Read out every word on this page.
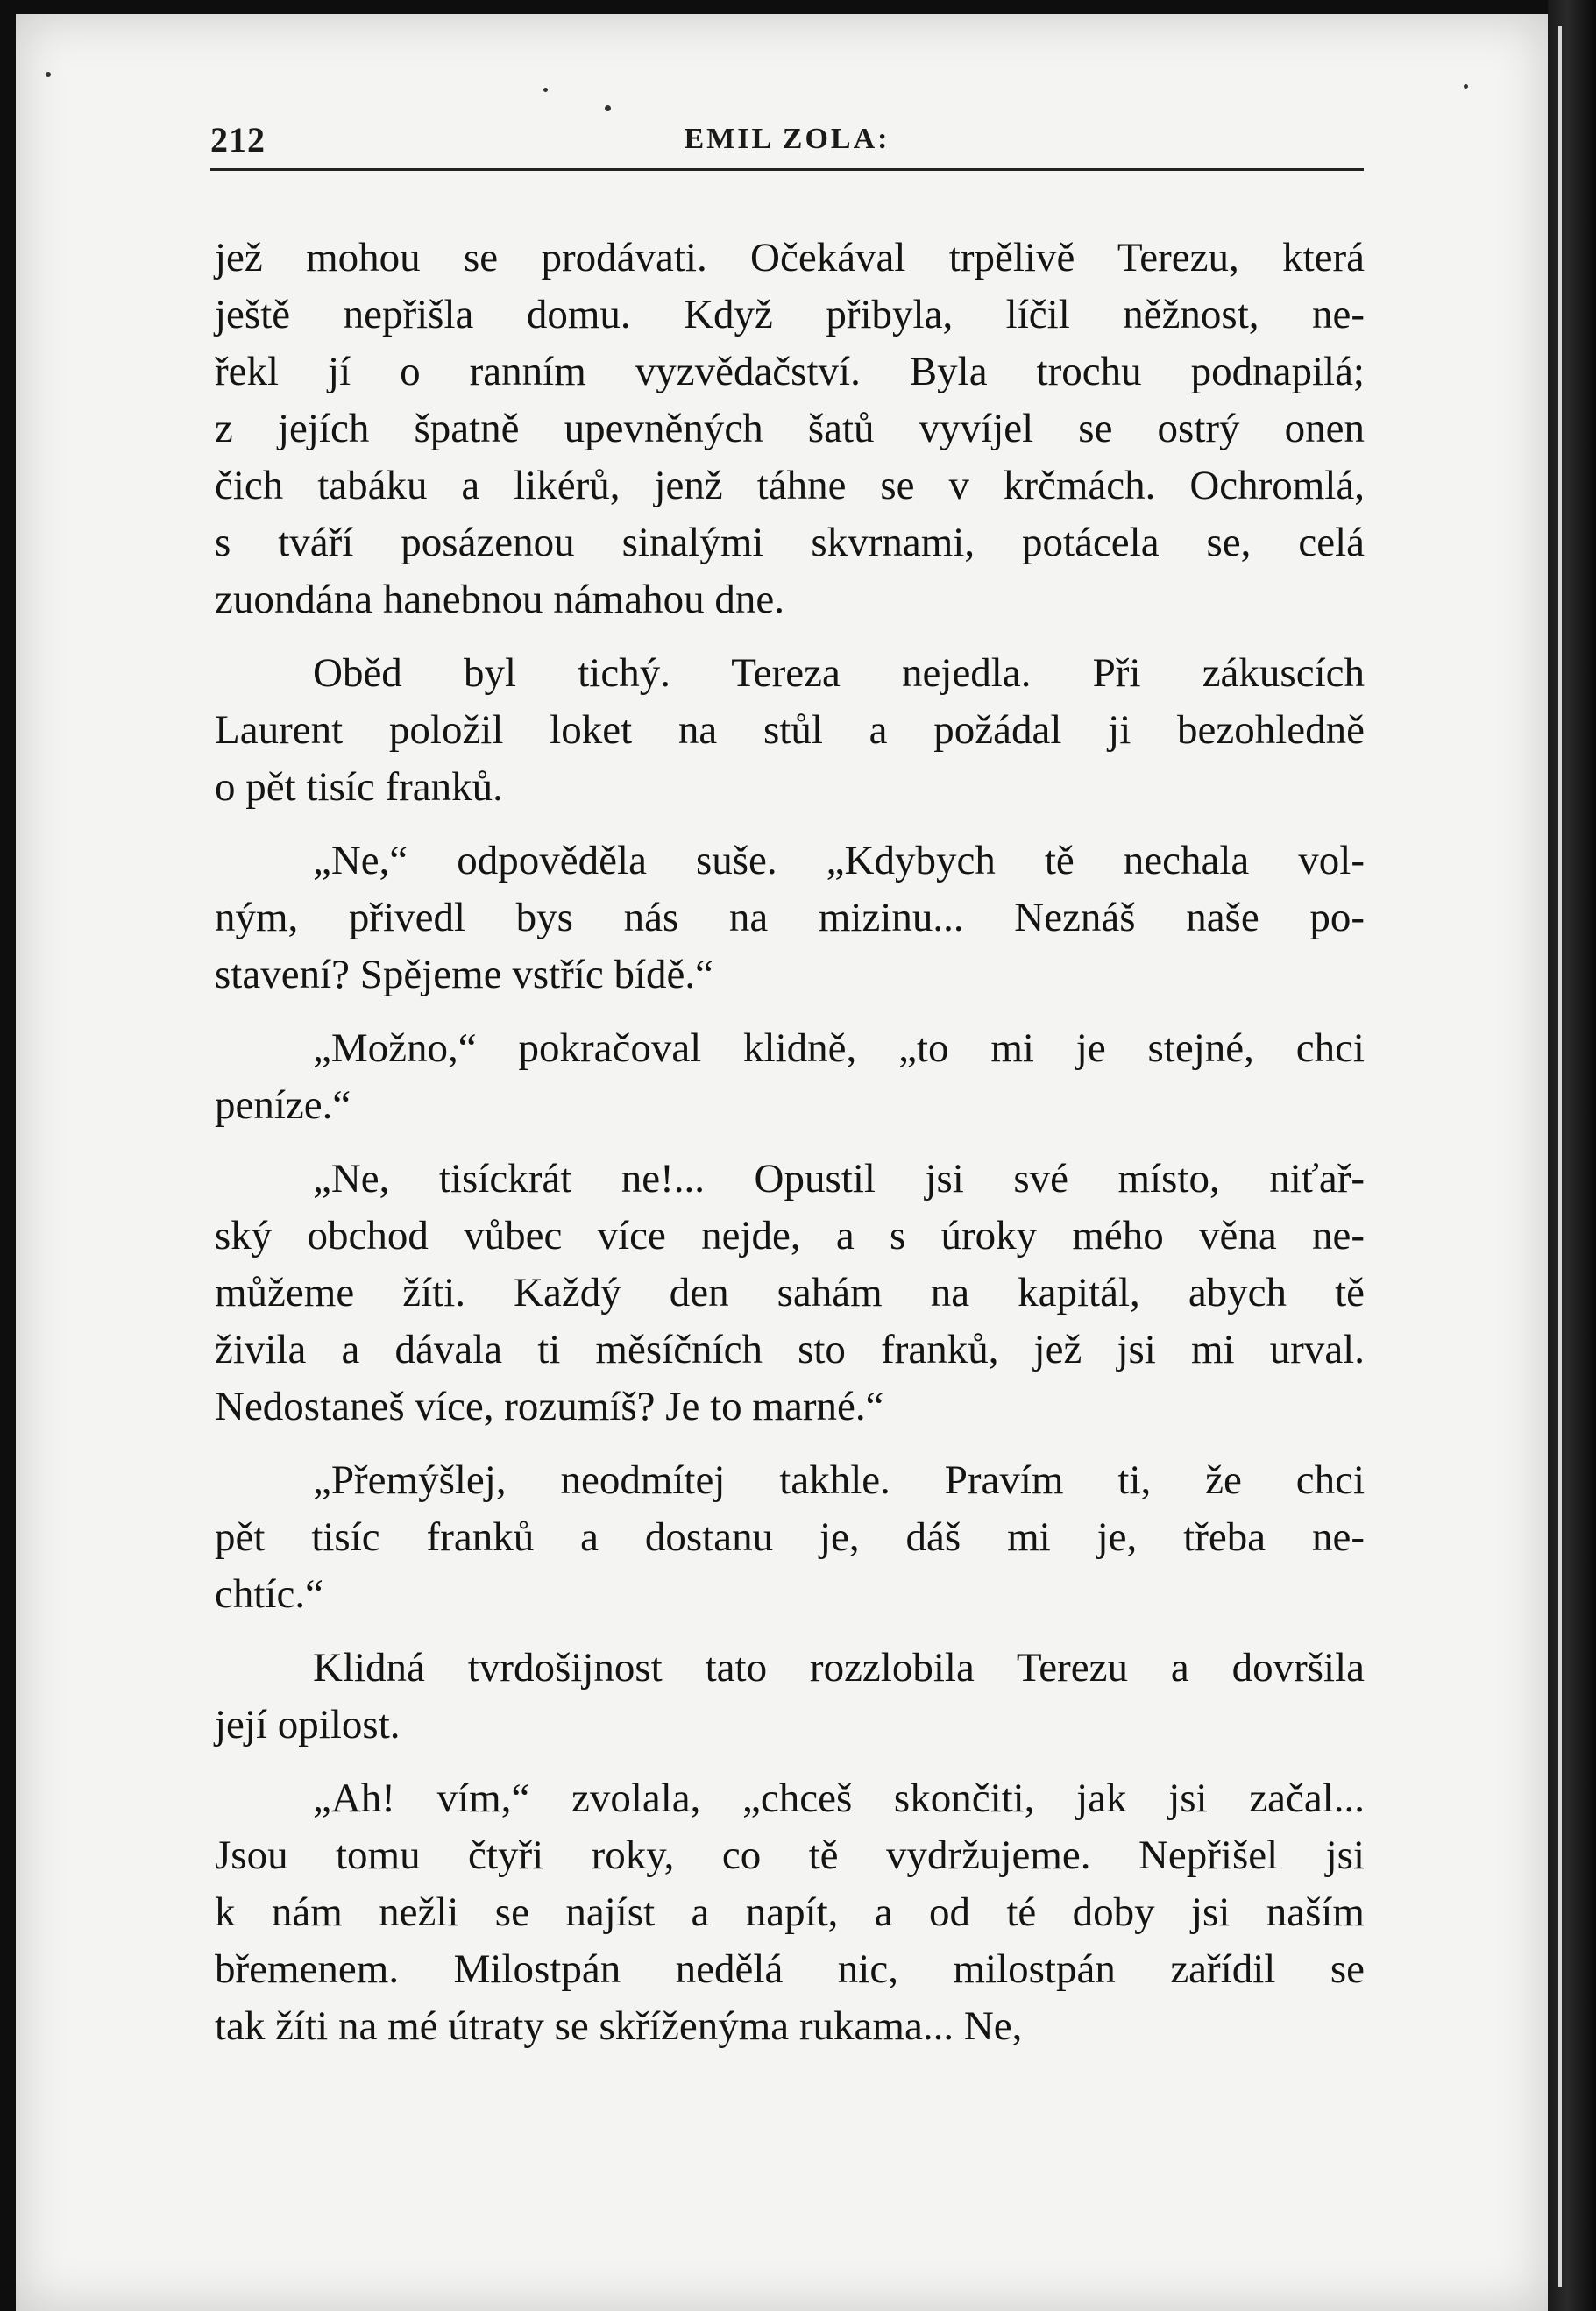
212	EMIL ZOLA:
jež mohou se prodávati. Očekával trpělivě Terezu, která
ještě nepřišla domu. Když přibyla, líčil něžnost, ne-
řekl jí o ranním vyzvědačství. Byla trochu podnapilá;
z jejích špatně upevněných šatů vyvíjel se ostrý onen
čich tabáku a likérů, jenž táhne se v krčmách. Ochromlá,
s tváří posázenou sinalými skvrnami, potácela se, celá
zuondána hanebnou námahou dne.
Oběd byl tichý. Tereza nejedla. Při zákuscích
Laurent položil loket na stůl a požádal ji bezohledně
o pět tisíc franků.
„Ne,“ odpověděla suše. „Kdybych tě nechala vol-
ným, přivedl bys nás na mizinu... Neznáš naše po-
stavení? Spějeme vstříc bídě.“
„Možno,“ pokračoval klidně, „to mi je stejné, chci
peníze.“
„Ne, tisíckrát ne!... Opustil jsi své místo, niťař-
ský obchod vůbec více nejde, a s úroky mého věna ne-
můžeme žíti. Každý den sahám na kapitál, abych tě
živila a dávala ti měsíčních sto franků, jež jsi mi urval.
Nedostaneš více, rozumíš? Je to marné.“
„Přemýšlej, neodmítej takhle. Pravím ti, že chci
pět tisíc franků a dostanu je, dáš mi je, třeba ne-
chtíc.“
Klidná tvrdošijnost tato rozzlobila Terezu a dovršila
její opilost.
„Ah! vím,“ zvolala, „chceš skončiti, jak jsi začal...
Jsou tomu čtyři roky, co tě vydržujeme. Nepřišel jsi
k nám nežli se najíst a napít, a od té doby jsi naším
břemenem. Milostpán nedělá nic, milostpán zařídil se
tak žíti na mé útraty se skříženýma rukama... Ne,
